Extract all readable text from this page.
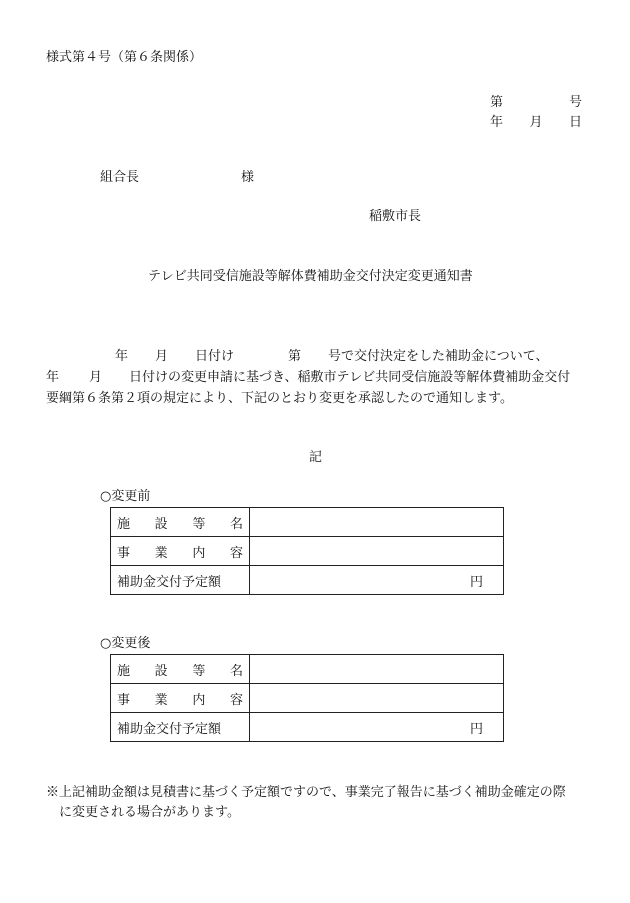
様式第４号（第６条関係）
第	号
年 月 日
組合長	様
稲敷市長
テレビ共同受信施設等解体費補助金交付決定変更通知書
年 月 日付け	第 号で交付決定をした補助金について、
年 月 日付けの変更申請に基づき、稲敷市テレビ共同受信施設等解体費補助金交付
要綱第６条第２項の規定により、下記のとおり変更を承認したので通知します。
記
○変更前
施 設 等 名	

事 業 内 容	

補助金交付予定額	円
○変更後
施 設 等 名	

事 業 内 容	

補助金交付予定額	円
※上記補助金額は見積書に基づく予定額ですので、事業完了報告に基づく補助金確定の際
に変更される場合があります。
